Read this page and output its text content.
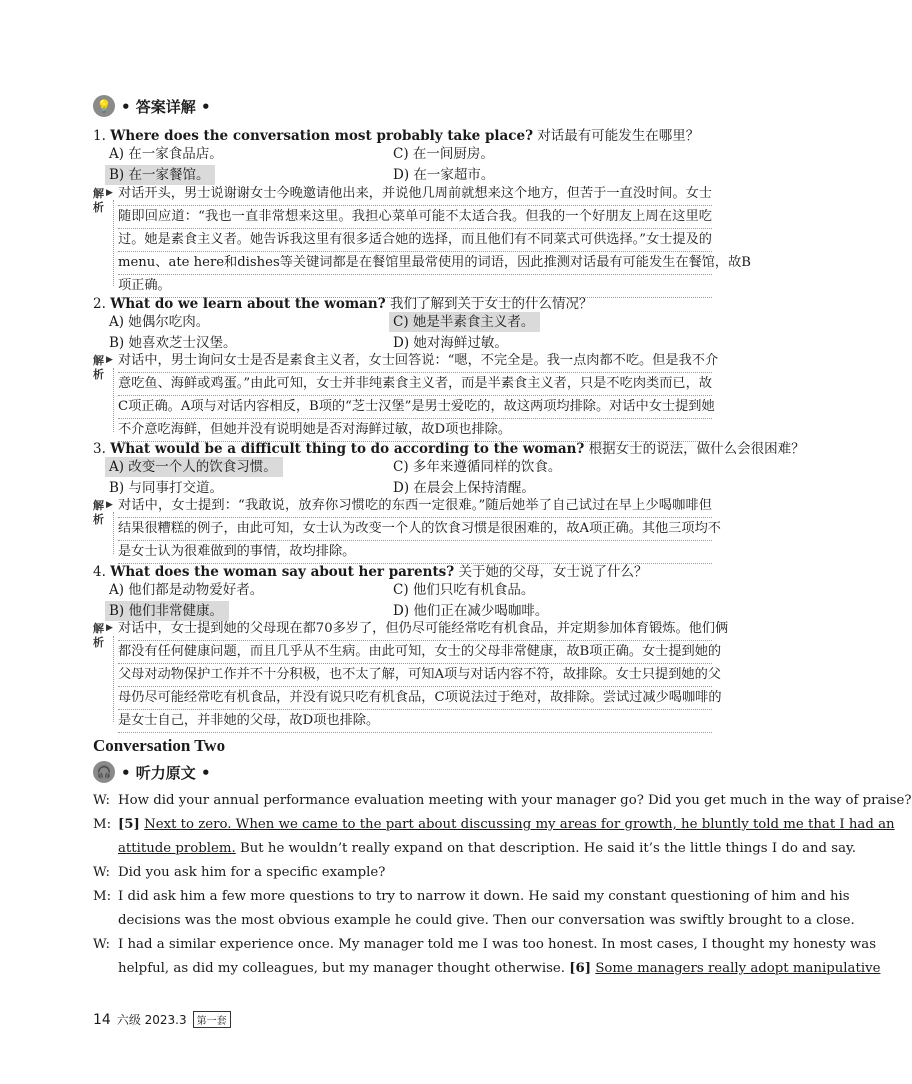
💡 • 答案详解 •
1. Where does the conversation most probably take place? 对话最有可能发生在哪里？
A) 在一家食品店。	C) 在一间厨房。
B) 在一家餐馆。	D) 在一家超市。
解析
▶ 对话开头，男士说谢谢女士今晚邀请他出来，并说他几周前就想来这个地方，但苦于一直没时间。女士
随即回应道：“我也一直非常想来这里。我担心菜单可能不太适合我。但我的一个好朋友上周在这里吃
过。她是素食主义者。她告诉我这里有很多适合她的选择，而且他们有不同菜式可供选择。”女士提及的
menu、ate here和dishes等关键词都是在餐馆里最常使用的词语，因此推测对话最有可能发生在餐馆，故B
项正确。
2. What do we learn about the woman? 我们了解到关于女士的什么情况？
A) 她偶尔吃肉。	C) 她是半素食主义者。
B) 她喜欢芝士汉堡。	D) 她对海鲜过敏。
解析
▶ 对话中，男士询问女士是否是素食主义者，女士回答说：“嗯，不完全是。我一点肉都不吃。但是我不介
意吃鱼、海鲜或鸡蛋。”由此可知，女士并非纯素食主义者，而是半素食主义者，只是不吃肉类而已，故
C项正确。A项与对话内容相反，B项的“芝士汉堡”是男士爱吃的，故这两项均排除。对话中女士提到她
不介意吃海鲜，但她并没有说明她是否对海鲜过敏，故D项也排除。
3. What would be a difficult thing to do according to the woman? 根据女士的说法，做什么会很困难？
A) 改变一个人的饮食习惯。	C) 多年来遵循同样的饮食。
B) 与同事打交道。	D) 在晨会上保持清醒。
解析
▶ 对话中，女士提到：“我敢说，放弃你习惯吃的东西一定很难。”随后她举了自己试过在早上少喝咖啡但
结果很糟糕的例子，由此可知，女士认为改变一个人的饮食习惯是很困难的，故A项正确。其他三项均不
是女士认为很难做到的事情，故均排除。
4. What does the woman say about her parents? 关于她的父母，女士说了什么？
A) 他们都是动物爱好者。	C) 他们只吃有机食品。
B) 他们非常健康。	D) 他们正在减少喝咖啡。
解析
▶ 对话中，女士提到她的父母现在都70多岁了，但仍尽可能经常吃有机食品，并定期参加体育锻炼。他们俩
都没有任何健康问题，而且几乎从不生病。由此可知，女士的父母非常健康，故B项正确。女士提到她的
父母对动物保护工作并不十分积极，也不太了解，可知A项与对话内容不符，故排除。女士只提到她的父
母仍尽可能经常吃有机食品，并没有说只吃有机食品，C项说法过于绝对，故排除。尝试过减少喝咖啡的
是女士自己，并非她的父母，故D项也排除。
Conversation Two
🎧 • 听力原文 •
W: How did your annual performance evaluation meeting with your manager go? Did you get much in the way of praise?
M: [5] Next to zero. When we came to the part about discussing my areas for growth, he bluntly told me that I had an
attitude problem. But he wouldn’t really expand on that description. He said it’s the little things I do and say.
W: Did you ask him for a specific example?
M: I did ask him a few more questions to try to narrow it down. He said my constant questioning of him and his
decisions was the most obvious example he could give. Then our conversation was swiftly brought to a close.
W: I had a similar experience once. My manager told me I was too honest. In most cases, I thought my honesty was
helpful, as did my colleagues, but my manager thought otherwise. [6] Some managers really adopt manipulative
14 六级 2023.3	第一套
